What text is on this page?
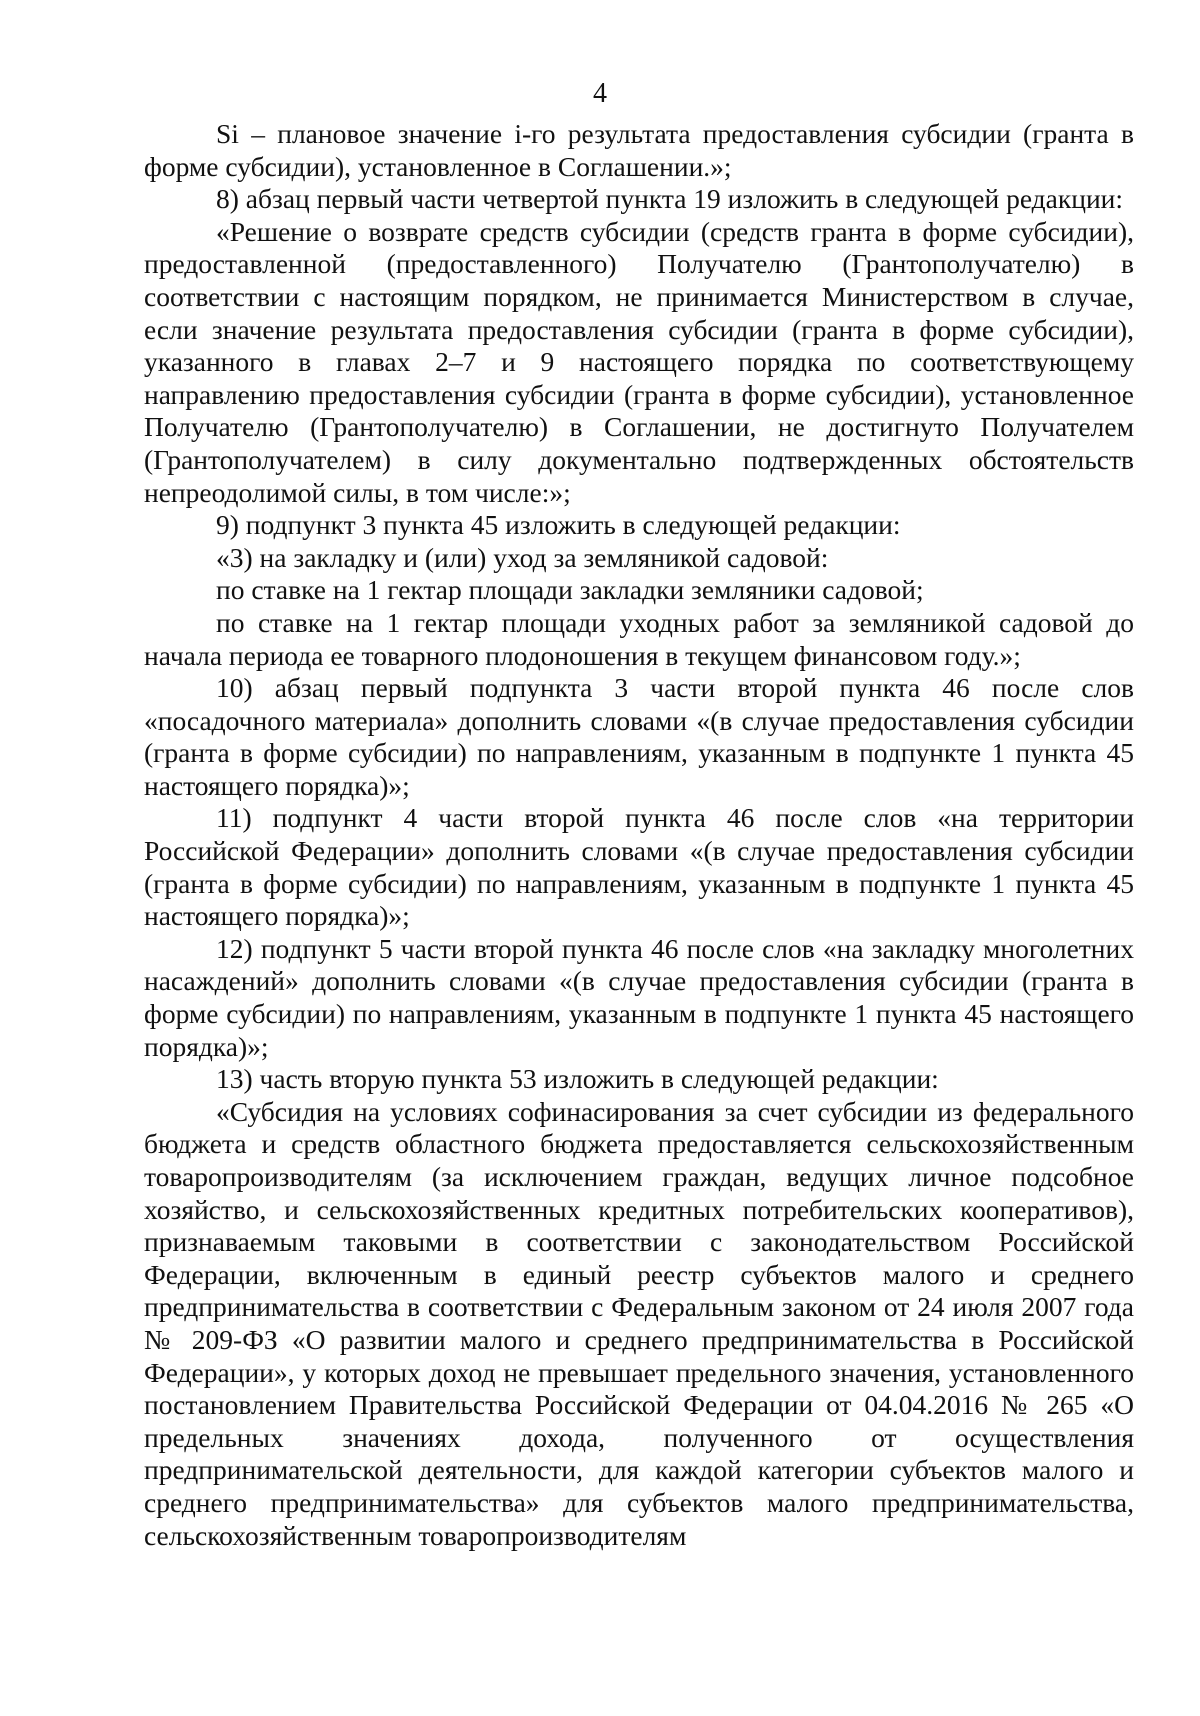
4

Si – плановое значение i-го результата предоставления субсидии (гранта в форме субсидии), установленное в Соглашении.»;

8) абзац первый части четвертой пункта 19 изложить в следующей редакции:

«Решение о возврате средств субсидии (средств гранта в форме субсидии), предоставленной (предоставленного) Получателю (Грантополучателю) в соответствии с настоящим порядком, не принимается Министерством в случае, если значение результата предоставления субсидии (гранта в форме субсидии), указанного в главах 2–7 и 9 настоящего порядка по соответствующему направлению предоставления субсидии (гранта в форме субсидии), установленное Получателю (Грантополучателю) в Соглашении, не достигнуто Получателем (Грантополучателем) в силу документально подтвержденных обстоятельств непреодолимой силы, в том числе:»;

9) подпункт 3 пункта 45 изложить в следующей редакции:

«3) на закладку и (или) уход за земляникой садовой:

по ставке на 1 гектар площади закладки земляники садовой;

по ставке на 1 гектар площади уходных работ за земляникой садовой до начала периода ее товарного плодоношения в текущем финансовом году.»;

10) абзац первый подпункта 3 части второй пункта 46 после слов «посадочного материала» дополнить словами «(в случае предоставления субсидии (гранта в форме субсидии) по направлениям, указанным в подпункте 1 пункта 45 настоящего порядка)»;

11) подпункт 4 части второй пункта 46 после слов «на территории Российской Федерации» дополнить словами «(в случае предоставления субсидии (гранта в форме субсидии) по направлениям, указанным в подпункте 1 пункта 45 настоящего порядка)»;

12) подпункт 5 части второй пункта 46 после слов «на закладку многолетних насаждений» дополнить словами «(в случае предоставления субсидии (гранта в форме субсидии) по направлениям, указанным в подпункте 1 пункта 45 настоящего порядка)»;

13) часть вторую пункта 53 изложить в следующей редакции:

«Субсидия на условиях софинасирования за счет субсидии из федерального бюджета и средств областного бюджета предоставляется сельскохозяйственным товаропроизводителям (за исключением граждан, ведущих личное подсобное хозяйство, и сельскохозяйственных кредитных потребительских кооперативов), признаваемым таковыми в соответствии с законодательством Российской Федерации, включенным в единый реестр субъектов малого и среднего предпринимательства в соответствии с Федеральным законом от 24 июля 2007 года № 209-ФЗ «О развитии малого и среднего предпринимательства в Российской Федерации», у которых доход не превышает предельного значения, установленного постановлением Правительства Российской Федерации от 04.04.2016 № 265 «О предельных значениях дохода, полученного от осуществления предпринимательской деятельности, для каждой категории субъектов малого и среднего предпринимательства» для субъектов малого предпринимательства, сельскохозяйственным товаропроизводителям
